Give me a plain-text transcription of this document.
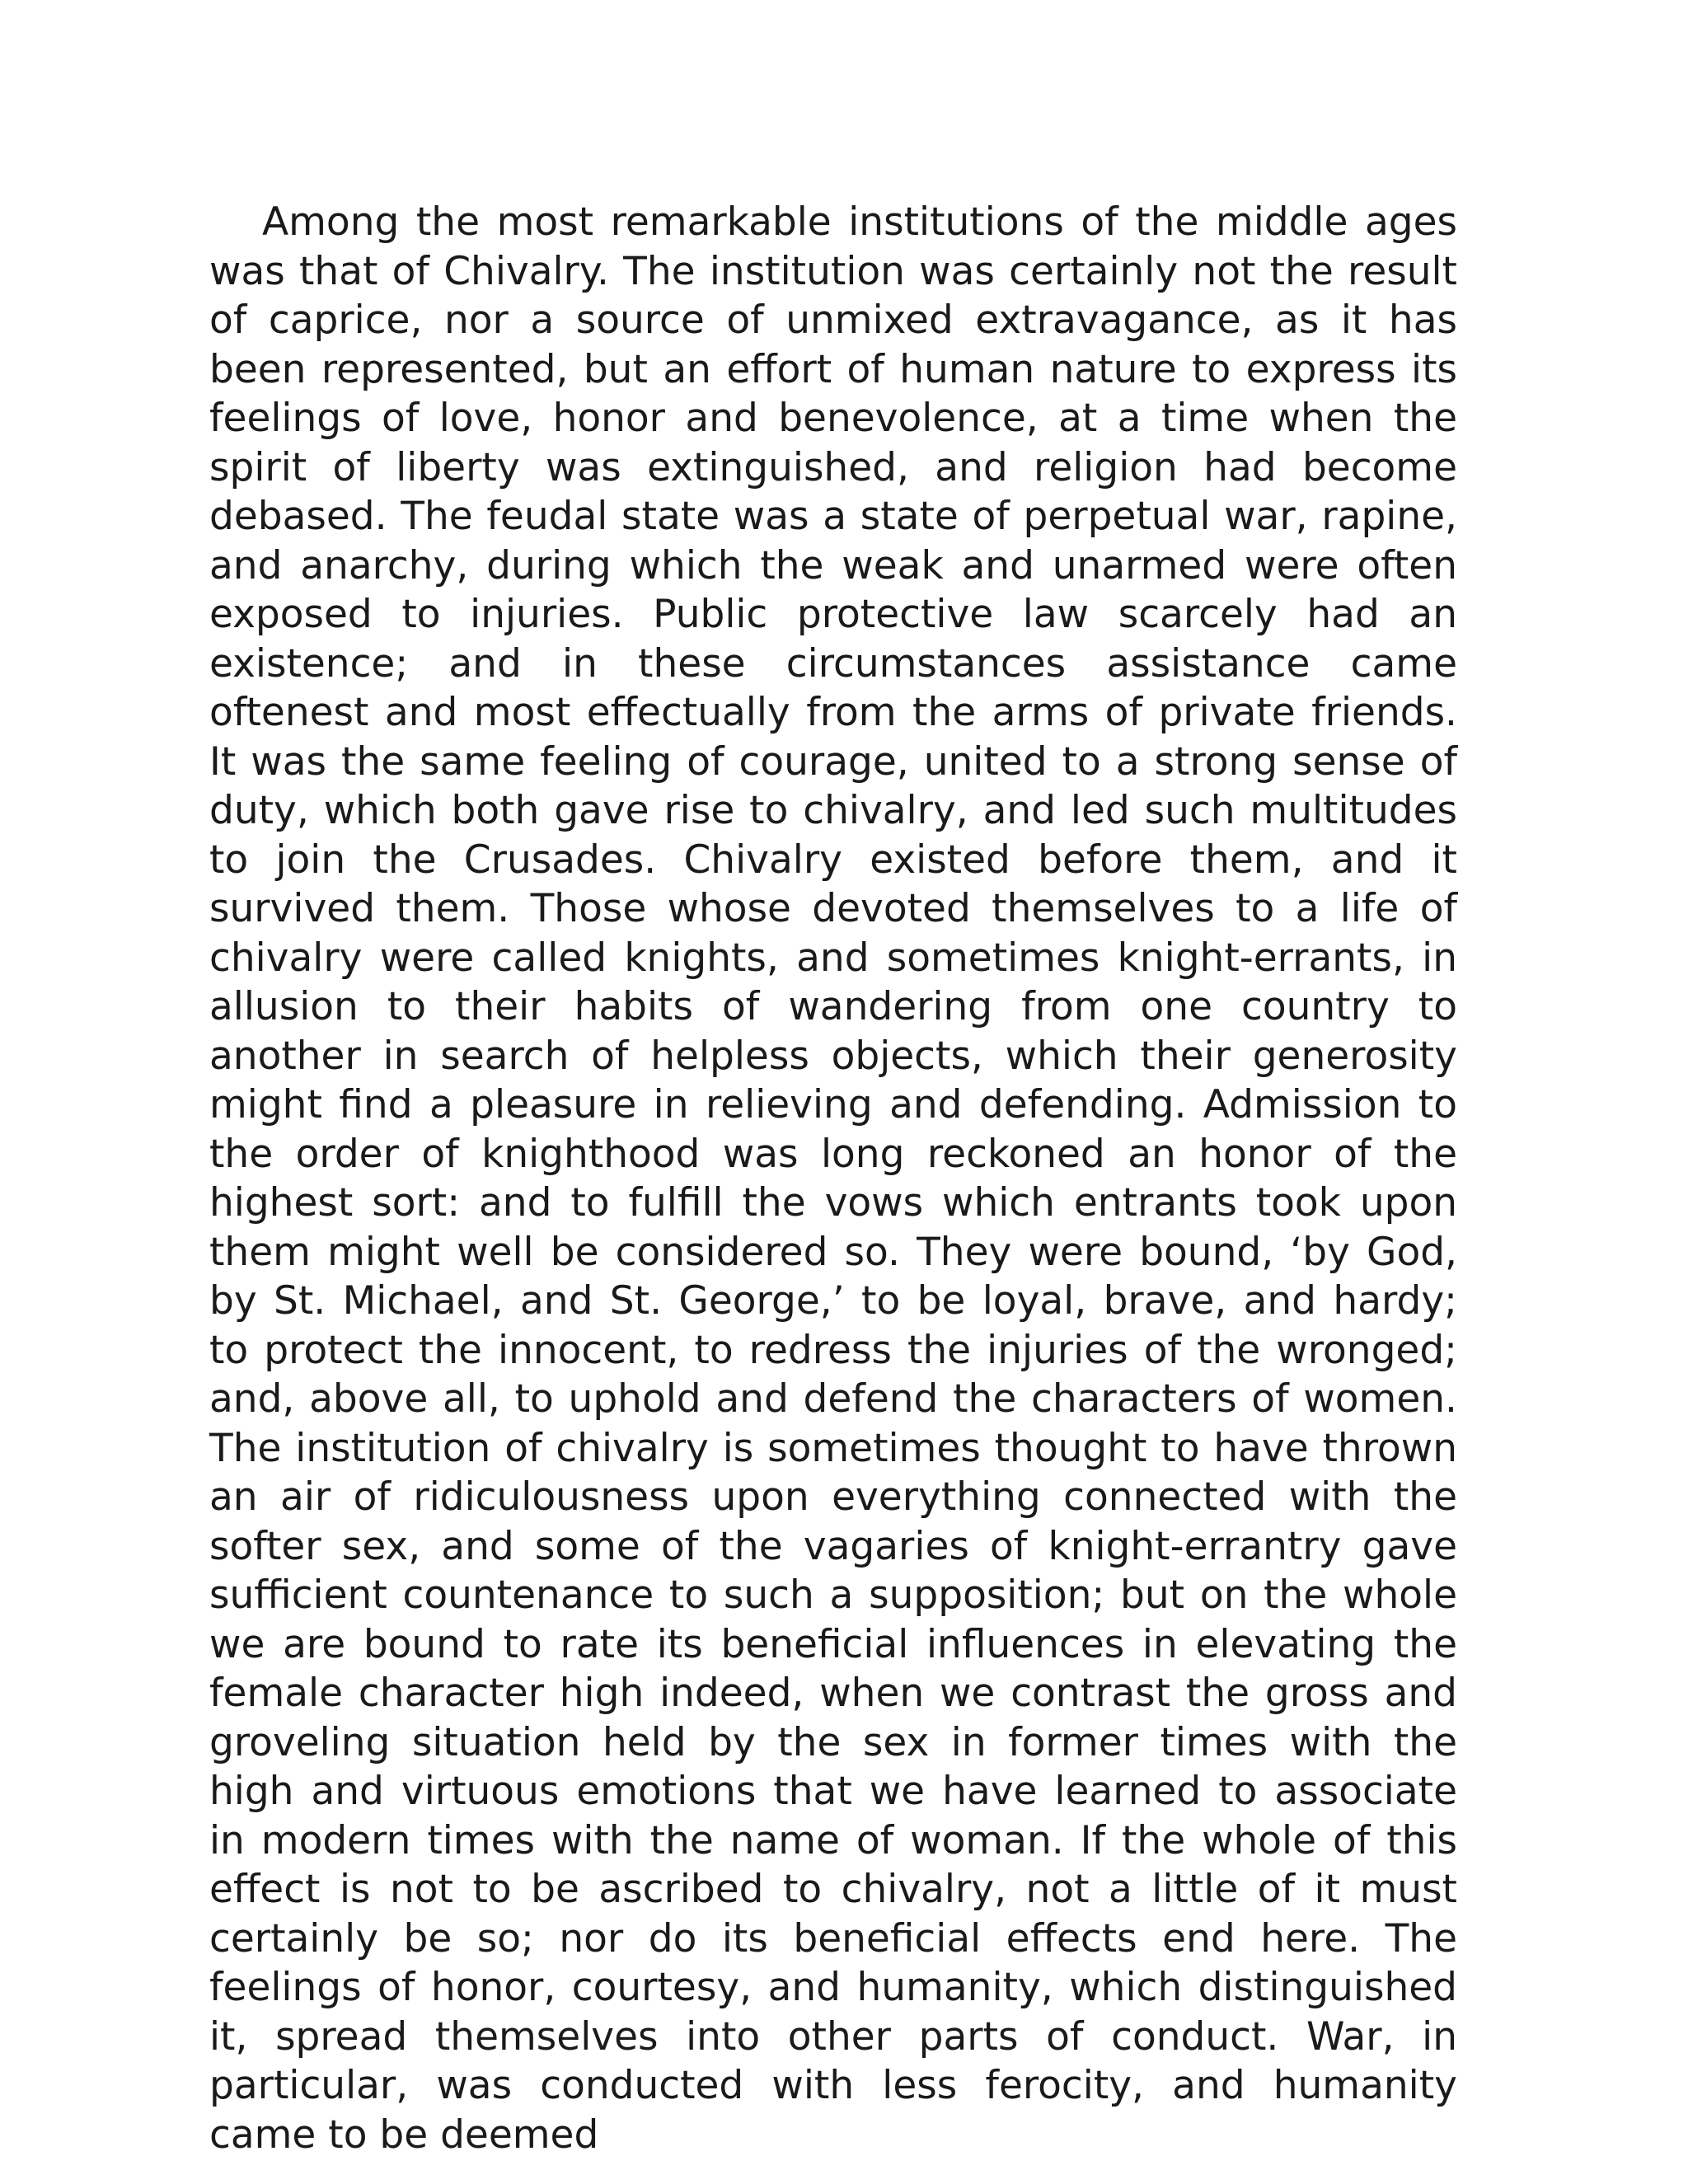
Among the most remarkable institutions of the middle ages was that of Chivalry. The institution was certainly not the result of caprice, nor a source of unmixed extravagance, as it has been represented, but an effort of human nature to express its feelings of love, honor and benevolence, at a time when the spirit of liberty was extinguished, and religion had become debased. The feudal state was a state of perpetual war, rapine, and anarchy, during which the weak and unarmed were often exposed to injuries. Public protective law scarcely had an existence; and in these circumstances assistance came oftenest and most effectually from the arms of private friends. It was the same feeling of courage, united to a strong sense of duty, which both gave rise to chivalry, and led such multitudes to join the Crusades. Chivalry existed before them, and it survived them. Those whose devoted themselves to a life of chivalry were called knights, and sometimes knight-errants, in allusion to their habits of wandering from one country to another in search of helpless objects, which their generosity might find a pleasure in relieving and defending. Admission to the order of knighthood was long reckoned an honor of the highest sort: and to fulfill the vows which entrants took upon them might well be considered so. They were bound, ‘by God, by St. Michael, and St. George,’ to be loyal, brave, and hardy; to protect the innocent, to redress the injuries of the wronged; and, above all, to uphold and defend the characters of women. The institution of chivalry is sometimes thought to have thrown an air of ridiculousness upon everything connected with the softer sex, and some of the vagaries of knight-errantry gave sufficient countenance to such a supposition; but on the whole we are bound to rate its beneficial influences in elevating the female character high indeed, when we contrast the gross and groveling situation held by the sex in former times with the high and virtuous emotions that we have learned to associate in modern times with the name of woman. If the whole of this effect is not to be ascribed to chivalry, not a little of it must certainly be so; nor do its beneficial effects end here. The feelings of honor, courtesy, and humanity, which distinguished it, spread themselves into other parts of conduct. War, in particular, was conducted with less ferocity, and humanity came to be deemed
